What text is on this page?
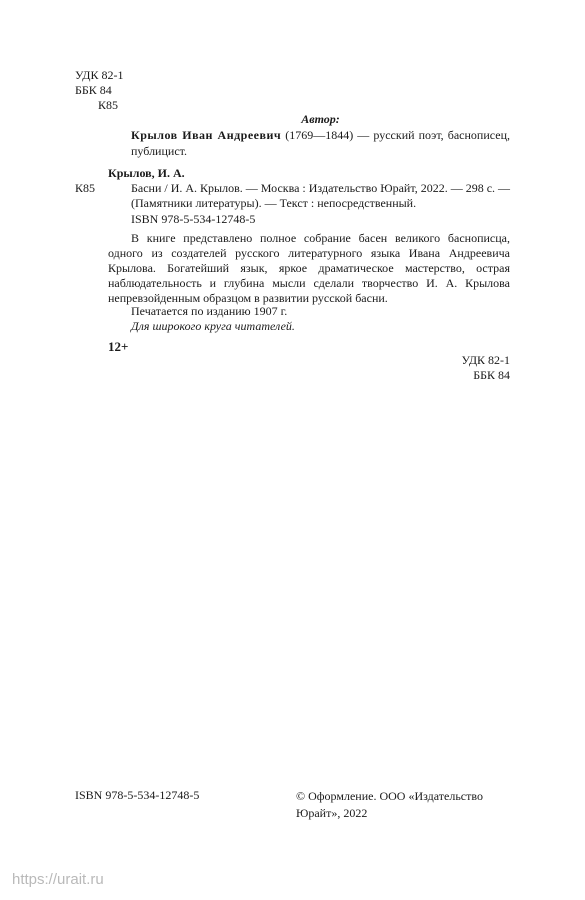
УДК 82-1
ББК 84
К85
Автор:
Крылов Иван Андреевич (1769—1844) — русский поэт, баснописец, публицист.
Крылов, И. А.
К85	Басни / И. А. Крылов. — Москва : Издательство Юрайт, 2022. — 298 с. — (Памятники литературы). — Текст : непосредственный.
ISBN 978-5-534-12748-5
В книге представлено полное собрание басен великого баснописца, одного из создателей русского литературного языка Ивана Андреевича Крылова. Богатейший язык, яркое драматическое мастерство, острая наблюдательность и глубина мысли сделали творчество И. А. Крылова непревзойденным образцом в развитии русской басни.
Печатается по изданию 1907 г.
Для широкого круга читателей.
12+
УДК 82-1
ББК 84
ISBN 978-5-534-12748-5	© Оформление. ООО «Издательство Юрайт», 2022
https://urait.ru
